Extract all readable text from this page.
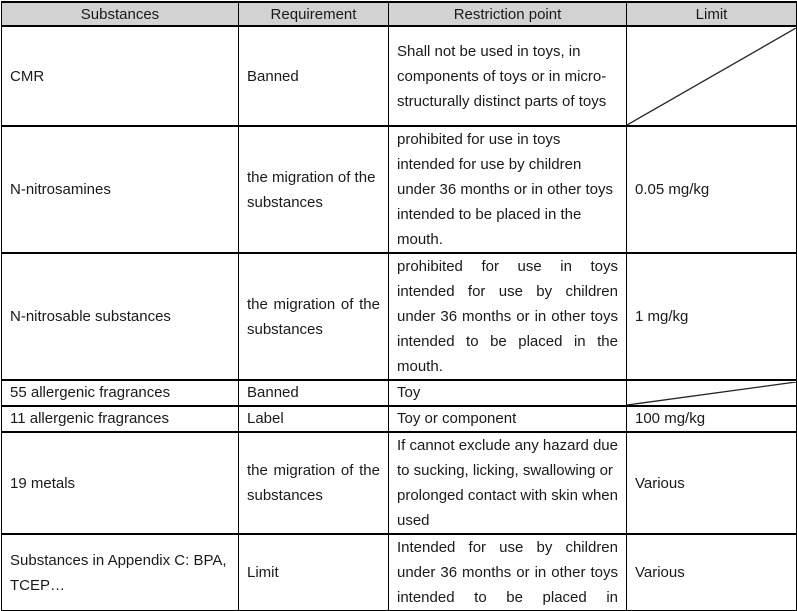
Substances	Requirement	Restriction point	Limit
CMR	Banned	Shall not be used in toys, in components of toys or in micro-structurally distinct parts of toys	

N-nitrosamines	the migration of the substances	prohibited for use in toys intended for use by children under 36 months or in other toys intended to be placed in the mouth.	0.05 mg/kg
N-nitrosable substances	the migration of the substances	prohibited for use in toys intended for use by children under 36 months or in other toys intended to be placed in the mouth.	1 mg/kg
55 allergenic fragrances	Banned	Toy	

11 allergenic fragrances	Label	Toy or component	100 mg/kg
19 metals	the migration of the substances	If cannot exclude any hazard due to sucking, licking, swallowing or prolonged contact with skin when used	Various
Substances in Appendix C: BPA, TCEP…	Limit	Intended for use by children under 36 months or in other toys intended to be placed in	Various
